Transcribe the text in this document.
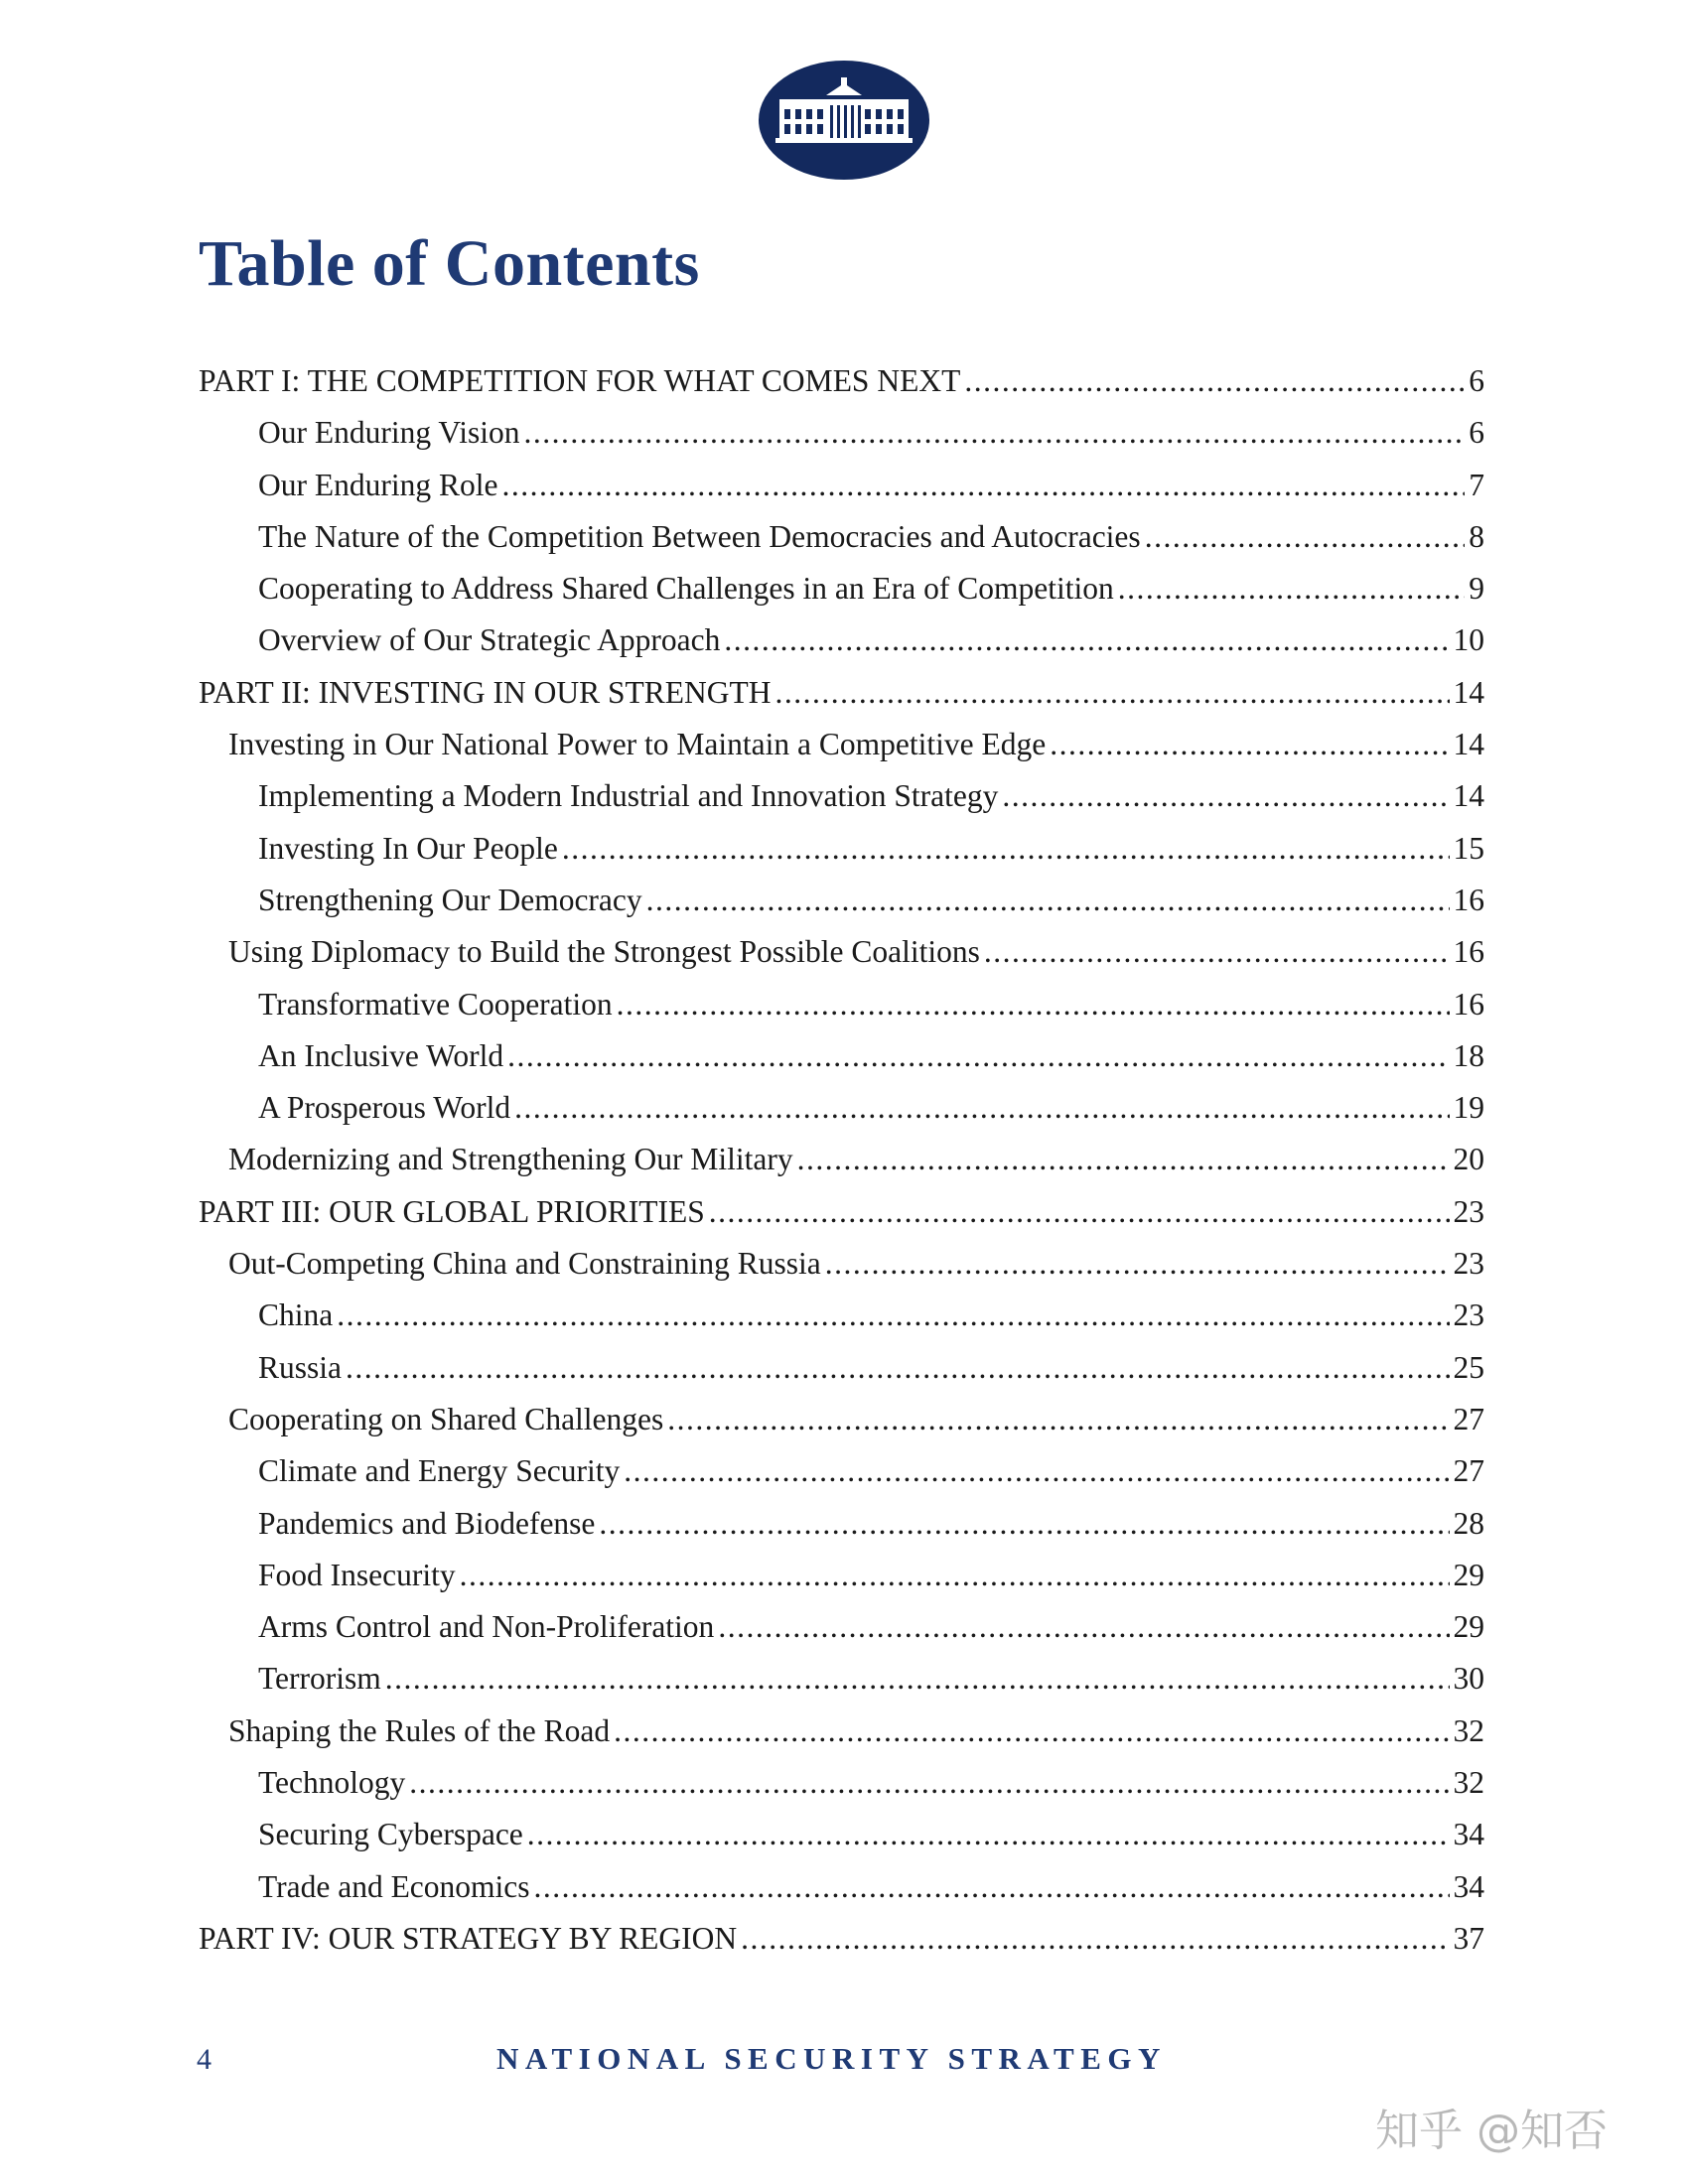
Table of Contents
PART I: THE COMPETITION FOR WHAT COMES NEXT .....	6
Our Enduring Vision .....	6
Our Enduring Role .....	7
The Nature of the Competition Between Democracies and Autocracies .....	8
Cooperating to Address Shared Challenges in an Era of Competition .....	9
Overview of Our Strategic Approach .....	10
PART II: INVESTING IN OUR STRENGTH .....	14
Investing in Our National Power to Maintain a Competitive Edge .....	14
Implementing a Modern Industrial and Innovation Strategy .....	14
Investing In Our People .....	15
Strengthening Our Democracy .....	16
Using Diplomacy to Build the Strongest Possible Coalitions .....	16
Transformative Cooperation .....	16
An Inclusive World .....	18
A Prosperous World .....	19
Modernizing and Strengthening Our Military .....	20
PART III: OUR GLOBAL PRIORITIES .....	23
Out-Competing China and Constraining Russia .....	23
China .....	23
Russia .....	25
Cooperating on Shared Challenges .....	27
Climate and Energy Security .....	27
Pandemics and Biodefense .....	28
Food Insecurity .....	29
Arms Control and Non-Proliferation .....	29
Terrorism .....	30
Shaping the Rules of the Road .....	32
Technology .....	32
Securing Cyberspace .....	34
Trade and Economics .....	34
PART IV: OUR STRATEGY BY REGION .....	37
4	NATIONAL SECURITY STRATEGY
知乎 @知否
